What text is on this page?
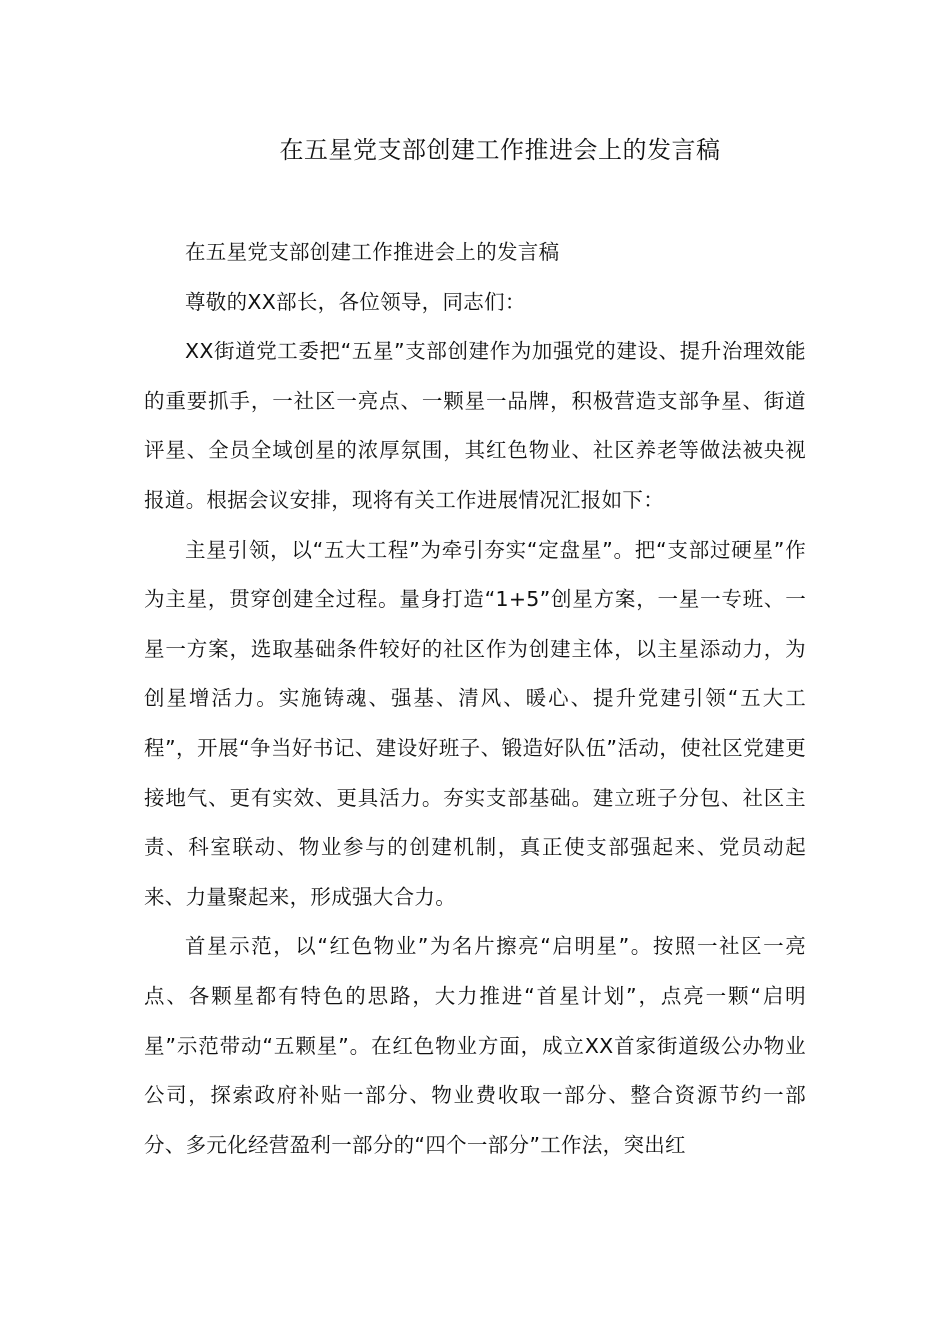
在五星党支部创建工作推进会上的发言稿

在五星党支部创建工作推进会上的发言稿

尊敬的XX部长，各位领导，同志们：

XX街道党工委把“五星”支部创建作为加强党的建设、提升治理效能的重要抓手，一社区一亮点、一颗星一品牌，积极营造支部争星、街道评星、全员全域创星的浓厚氛围，其红色物业、社区养老等做法被央视报道。根据会议安排，现将有关工作进展情况汇报如下：

主星引领，以“五大工程”为牵引夯实“定盘星”。把“支部过硬星”作为主星，贯穿创建全过程。量身打造“1+5”创星方案，一星一专班、一星一方案，选取基础条件较好的社区作为创建主体，以主星添动力，为创星增活力。实施铸魂、强基、清风、暖心、提升党建引领“五大工程”，开展“争当好书记、建设好班子、锻造好队伍”活动，使社区党建更接地气、更有实效、更具活力。夯实支部基础。建立班子分包、社区主责、科室联动、物业参与的创建机制，真正使支部强起来、党员动起来、力量聚起来，形成强大合力。

首星示范，以“红色物业”为名片擦亮“启明星”。按照一社区一亮点、各颗星都有特色的思路，大力推进“首星计划”，点亮一颗“启明星”示范带动“五颗星”。在红色物业方面，成立XX首家街道级公办物业公司，探索政府补贴一部分、物业费收取一部分、整合资源节约一部分、多元化经营盈利一部分的“四个一部分”工作法，突出红
